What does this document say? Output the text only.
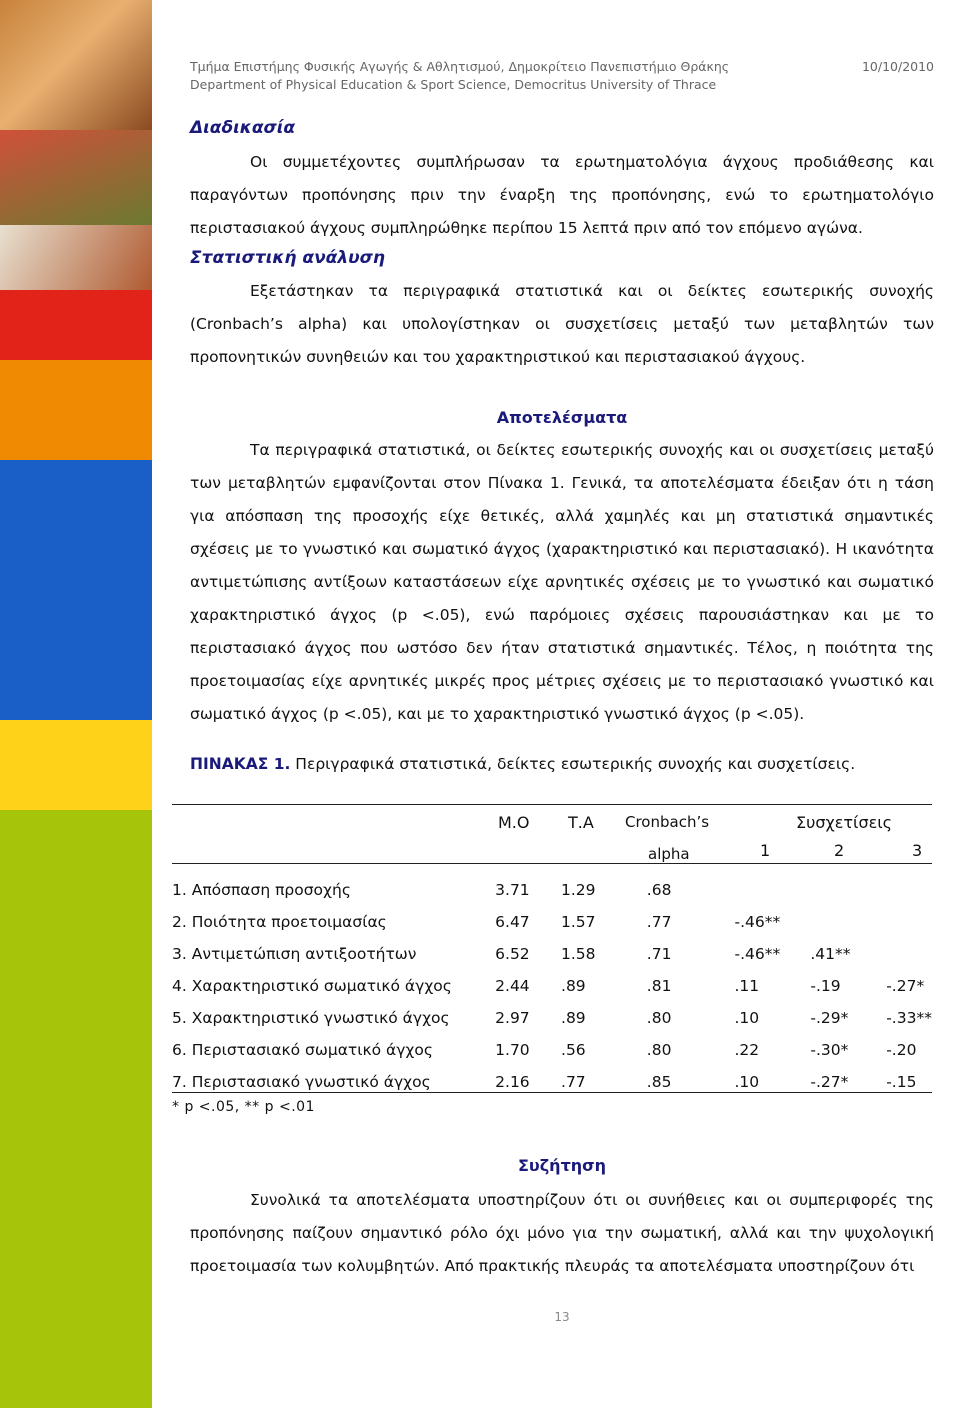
Τμήμα Επιστήμης Φυσικής Αγωγής & Αθλητισμού, Δημοκρίτειο Πανεπιστήμιο Θράκης
Department of Physical Education & Sport Science, Democritus University of Thrace
10/10/2010
Διαδικασία
Οι συμμετέχοντες συμπλήρωσαν τα ερωτηματολόγια άγχους προδιάθεσης και παραγόντων προπόνησης πριν την έναρξη της προπόνησης, ενώ το ερωτηματολόγιο περιστασιακού άγχους συμπληρώθηκε περίπου 15 λεπτά πριν από τον επόμενο αγώνα.
Στατιστική ανάλυση
Εξετάστηκαν τα περιγραφικά στατιστικά και οι δείκτες εσωτερικής συνοχής (Cronbach’s alpha) και υπολογίστηκαν οι συσχετίσεις μεταξύ των μεταβλητών των προπονητικών συνηθειών και του χαρακτηριστικού και περιστασιακού άγχους.
Αποτελέσματα
Τα περιγραφικά στατιστικά, οι δείκτες εσωτερικής συνοχής και οι συσχετίσεις μεταξύ των μεταβλητών εμφανίζονται στον Πίνακα 1. Γενικά, τα αποτελέσματα έδειξαν ότι η τάση για απόσπαση της προσοχής είχε θετικές, αλλά χαμηλές και μη στατιστικά σημαντικές σχέσεις με το γνωστικό και σωματικό άγχος (χαρακτηριστικό και περιστασιακό). Η ικανότητα αντιμετώπισης αντίξοων καταστάσεων είχε αρνητικές σχέσεις με το γνωστικό και σωματικό χαρακτηριστικό άγχος (p <.05), ενώ παρόμοιες σχέσεις παρουσιάστηκαν και με το περιστασιακό άγχος που ωστόσο δεν ήταν στατιστικά σημαντικές. Τέλος, η ποιότητα της προετοιμασίας είχε αρνητικές μικρές προς μέτριες σχέσεις με το περιστασιακό γνωστικό και σωματικό άγχος (p <.05), και με το χαρακτηριστικό γνωστικό άγχος (p <.05).
ΠΙΝΑΚΑΣ 1. Περιγραφικά στατιστικά, δείκτες εσωτερικής συνοχής και συσχετίσεις.
Μ.Ο Τ.Α Cronbach’s
alpha
Συσχετίσεις
1	2	3
1. Απόσπαση προσοχής	3.71	1.29	.68			
2. Ποιότητα προετοιμασίας	6.47	1.57	.77	-.46**		
3. Αντιμετώπιση αντιξοοτήτων	6.52	1.58	.71	-.46**	.41**	
4. Χαρακτηριστικό σωματικό άγχος	2.44	.89	.81	.11	-.19	-.27*
5. Χαρακτηριστικό γνωστικό άγχος	2.97	.89	.80	.10	-.29*	-.33**
6. Περιστασιακό σωματικό άγχος	1.70	.56	.80	.22	-.30*	-.20
7. Περιστασιακό γνωστικό άγχος	2.16	.77	.85	.10	-.27*	-.15
* p <.05, ** p <.01
Συζήτηση
Συνολικά τα αποτελέσματα υποστηρίζουν ότι οι συνήθειες και οι συμπεριφορές της προπόνησης παίζουν σημαντικό ρόλο όχι μόνο για την σωματική, αλλά και την ψυχολογική προετοιμασία των κολυμβητών. Από πρακτικής πλευράς τα αποτελέσματα υποστηρίζουν ότι
13
